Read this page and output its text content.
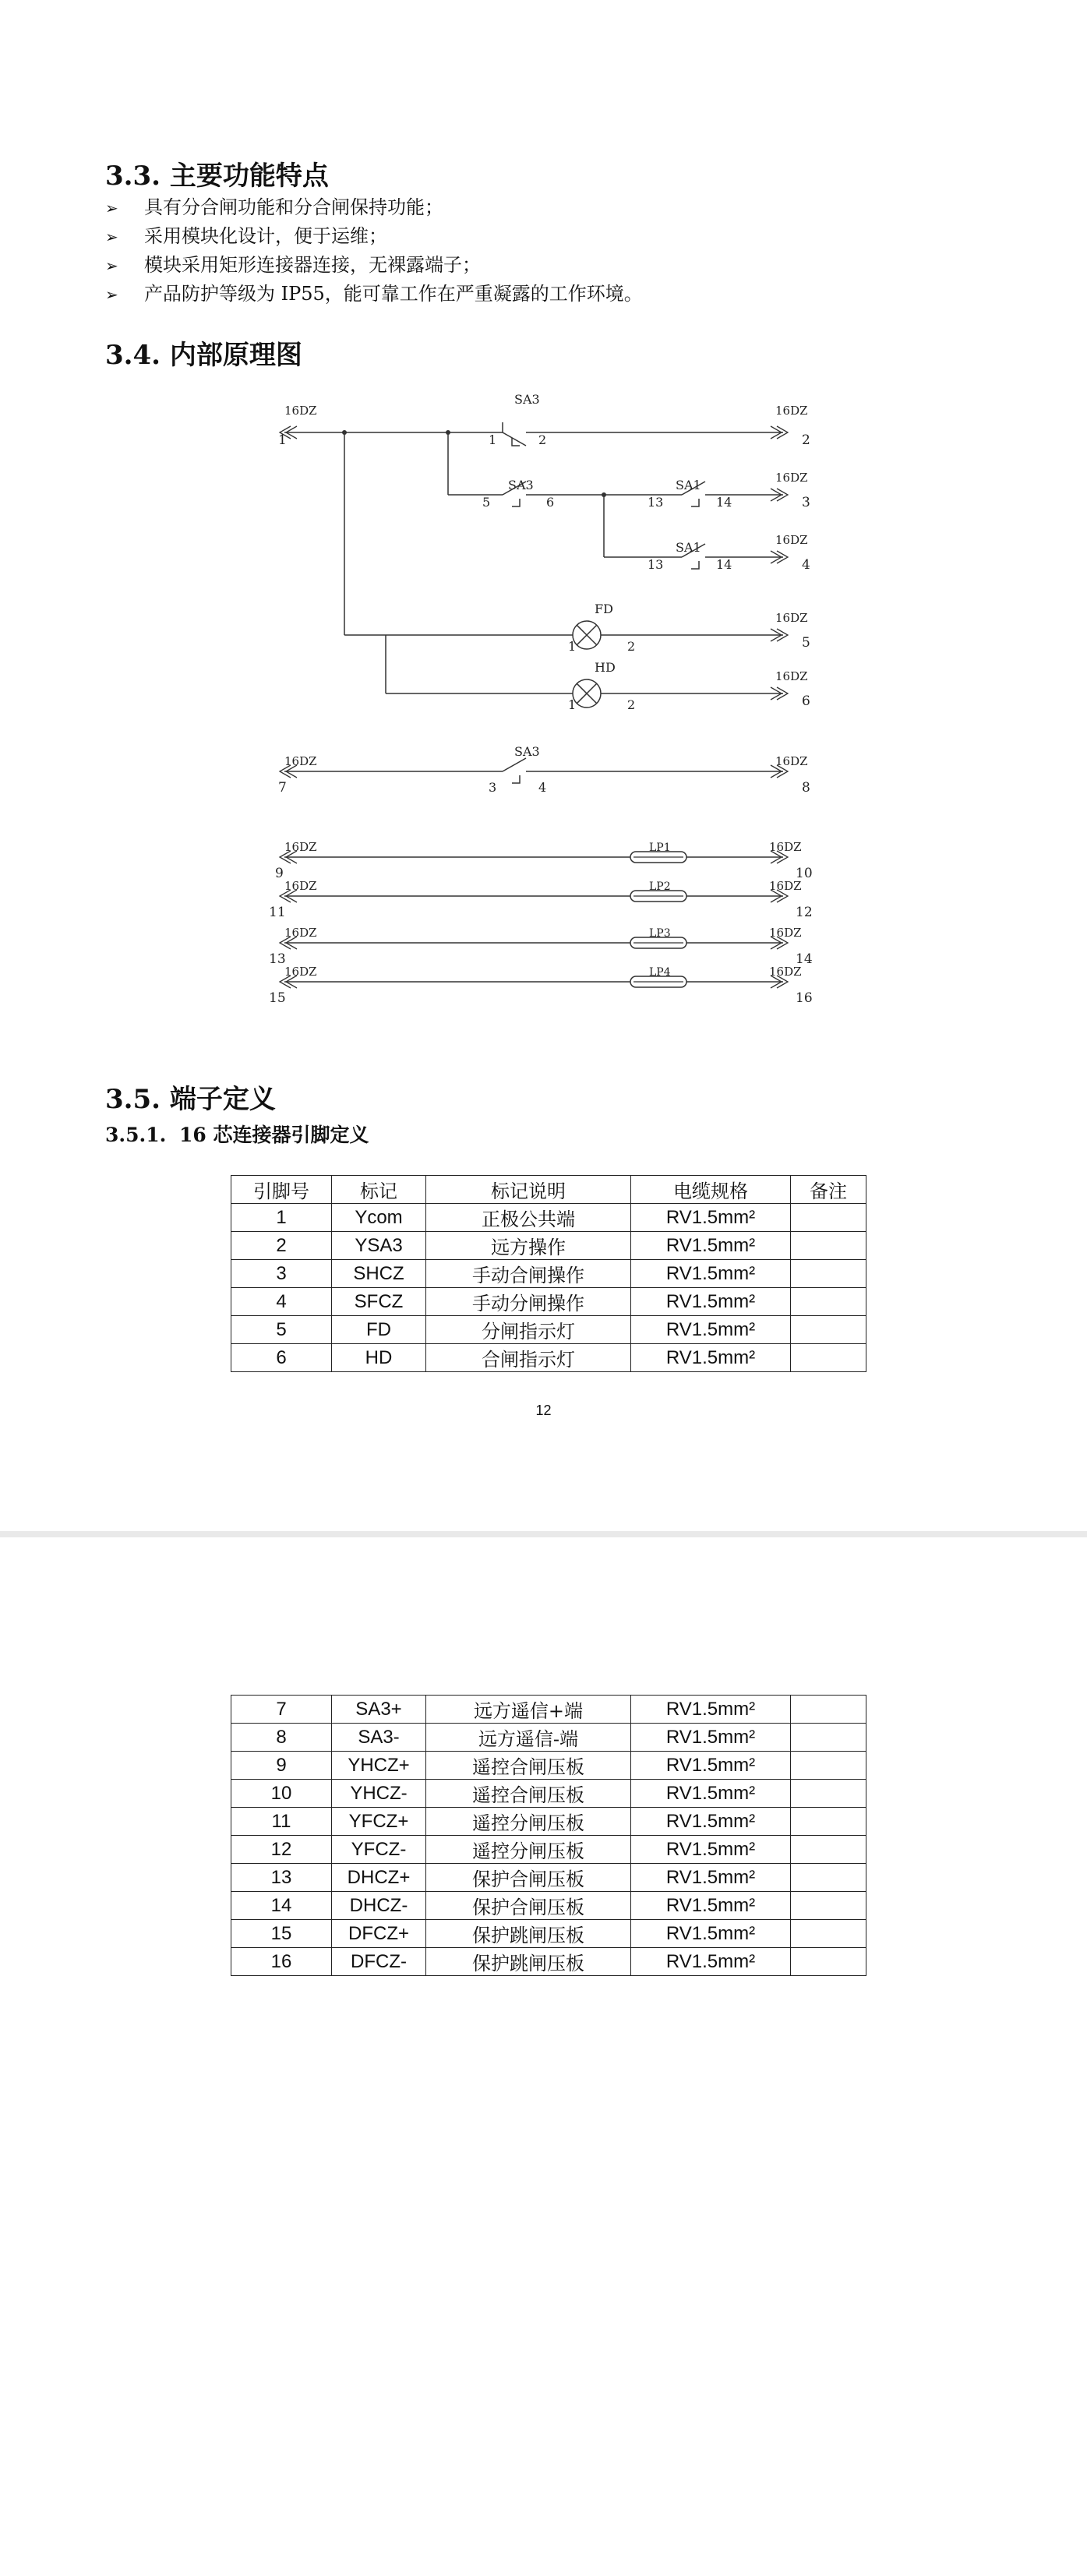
3.3. 主要功能特点
➢ 具有分合闸功能和分合闸保持功能；
➢ 采用模块化设计，便于运维；
➢ 模块采用矩形连接器连接，无裸露端子；
➢ 产品防护等级为 IP55，能可靠工作在严重凝露的工作环境。
3.4. 内部原理图
16DZ	16DZ
16DZ
16DZ
16DZ
16DZ
16DZ	16DZ
16DZ	16DZ
16DZ	16DZ
16DZ	16DZ
16DZ	16DZ
1	2
3
4
5
6
7	8
9	10
11	12
13	14
15	16
SA3
SA3	SA1
SA1
FD
HD
SA3
LP1
LP2
LP3
LP4
1	2
5	6	13	14
13	14
1	2
1	2
3	4
3.5. 端子定义
3.5.1. 16 芯连接器引脚定义
引脚号	标记	标记说明	电缆规格	备注
1	Ycom	正极公共端	RV1.5mm²	
2	YSA3	远方操作	RV1.5mm²	
3	SHCZ	手动合闸操作	RV1.5mm²	
4	SFCZ	手动分闸操作	RV1.5mm²	
5	FD	分闸指示灯	RV1.5mm²	
6	HD	合闸指示灯	RV1.5mm²	
12
7	SA3+	远方遥信+端	RV1.5mm²	
8	SA3-	远方遥信-端	RV1.5mm²	
9	YHCZ+	遥控合闸压板	RV1.5mm²	
10	YHCZ-	遥控合闸压板	RV1.5mm²	
11	YFCZ+	遥控分闸压板	RV1.5mm²	
12	YFCZ-	遥控分闸压板	RV1.5mm²	
13	DHCZ+	保护合闸压板	RV1.5mm²	
14	DHCZ-	保护合闸压板	RV1.5mm²	
15	DFCZ+	保护跳闸压板	RV1.5mm²	
16	DFCZ-	保护跳闸压板	RV1.5mm²	
